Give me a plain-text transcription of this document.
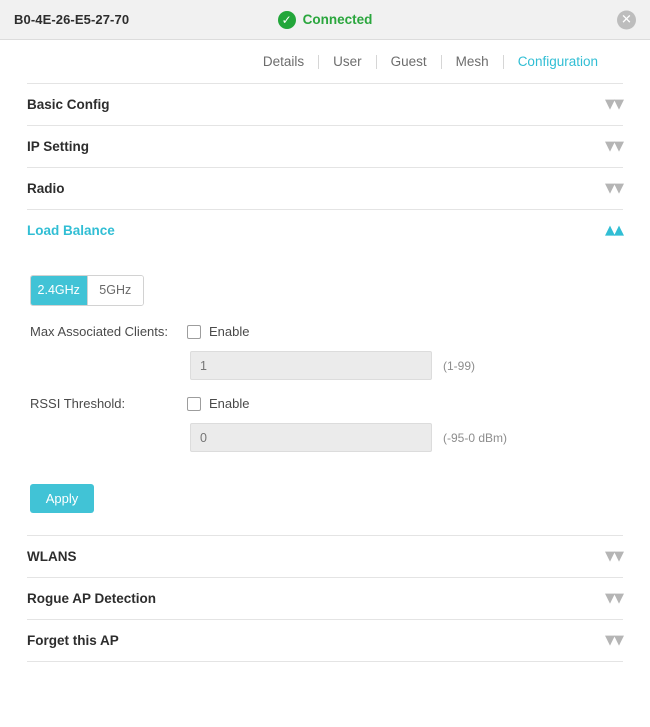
B0-4E-26-E5-27-70	✓ Connected	✕
Details	User	Guest	Mesh	Configuration
Basic Config	▼▼
IP Setting	▼▼
Radio	▼▼
Load Balance	▲▲
2.4GHz	5GHz
Max Associated Clients:	Enable
1
(1-99)
RSSI Threshold:	Enable
0
(-95-0 dBm)
Apply
WLANS	▼▼
Rogue AP Detection	▼▼
Forget this AP	▼▼
